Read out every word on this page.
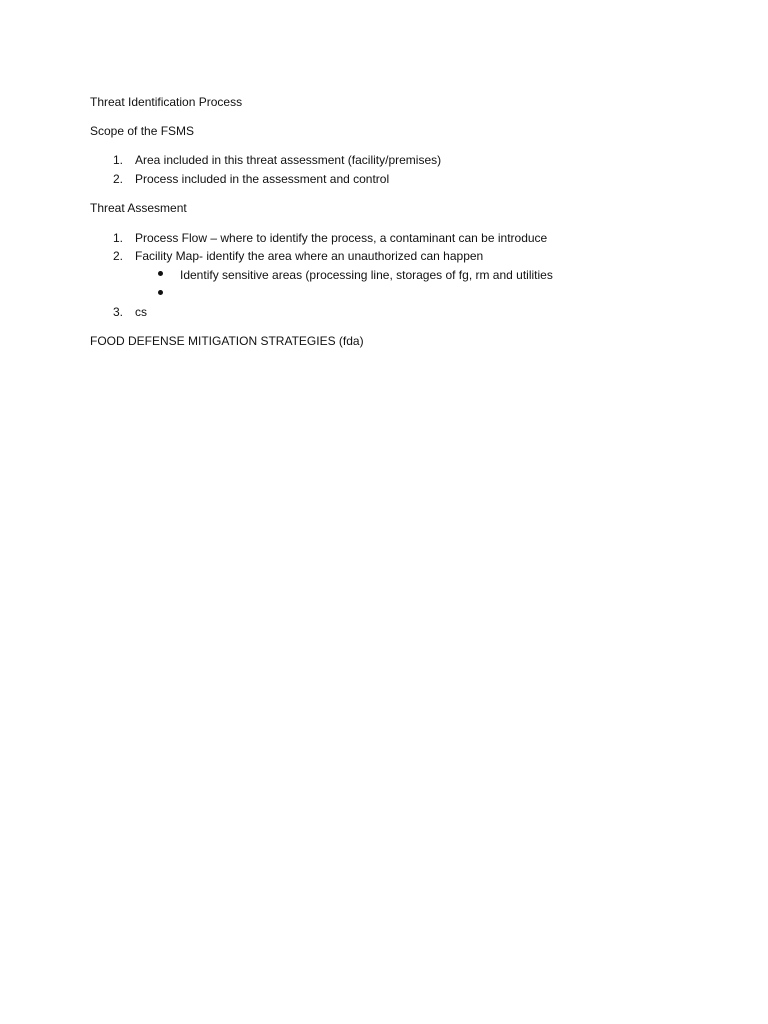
Threat Identification Process
Scope of the FSMS
1. Area included in this threat assessment (facility/premises)
2. Process included in the assessment and control
Threat Assesment
1. Process Flow – where to identify the process, a contaminant can be introduce
2. Facility Map- identify the area where an unauthorized can happen
Identify sensitive areas (processing line, storages of fg, rm and utilities
3. cs
FOOD DEFENSE MITIGATION STRATEGIES (fda)
